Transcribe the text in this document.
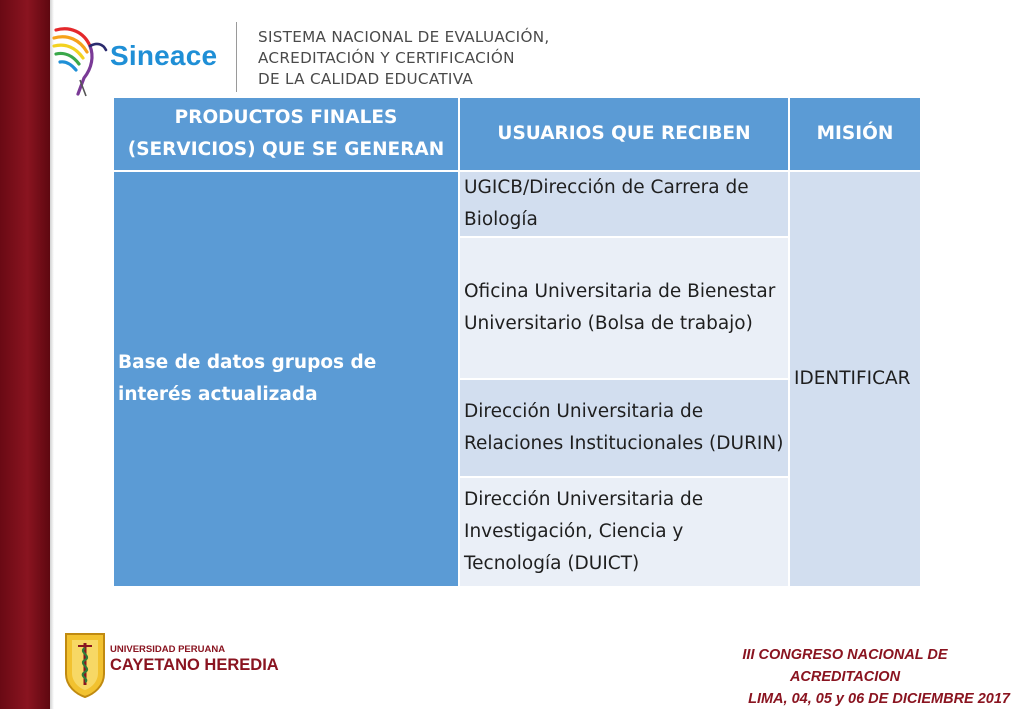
Sineace
SISTEMA NACIONAL DE EVALUACIÓN,
ACREDITACIÓN Y CERTIFICACIÓN
DE LA CALIDAD EDUCATIVA
PRODUCTOS FINALES (SERVICIOS) QUE SE GENERAN	USUARIOS QUE RECIBEN	MISIÓN
Base de datos grupos de interés actualizada	UGICB/Dirección de Carrera de Biología	IDENTIFICAR
	Oficina Universitaria de Bienestar Universitario (Bolsa de trabajo)	
	Dirección Universitaria de Relaciones Institucionales (DURIN)	
	Dirección Universitaria de Investigación, Ciencia y Tecnología (DUICT)	
UNIVERSIDAD PERUANA
CAYETANO HEREDIA
III CONGRESO NACIONAL DE
ACREDITACION
LIMA, 04, 05 y 06 DE DICIEMBRE 2017
